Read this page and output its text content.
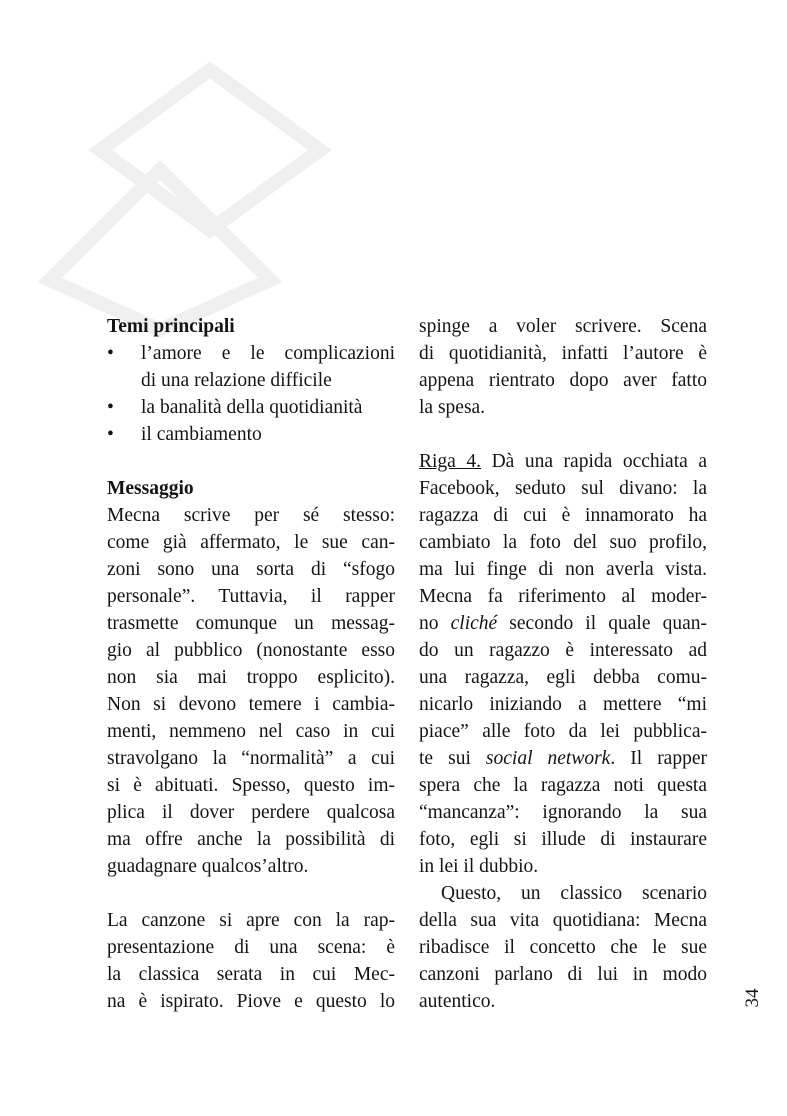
Temi principali
•	l’amore e le complicazioni
di una relazione difficile
•	la banalità della quotidianità
•	il cambiamento
Messaggio
Mecna scrive per sé stesso:
come già affermato, le sue can-
zoni sono una sorta di “sfogo
personale”. Tuttavia, il rapper
trasmette comunque un messag-
gio al pubblico (nonostante esso
non sia mai troppo esplicito).
Non si devono temere i cambia-
menti, nemmeno nel caso in cui
stravolgano la “normalità” a cui
si è abituati. Spesso, questo im-
plica il dover perdere qualcosa
ma offre anche la possibilità di
guadagnare qualcos’altro.
La canzone si apre con la rap-
presentazione di una scena: è
la classica serata in cui Mec-
na è ispirato. Piove e questo lo
spinge a voler scrivere. Scena
di quotidianità, infatti l’autore è
appena rientrato dopo aver fatto
la spesa.
Riga 4. Dà una rapida occhiata a
Facebook, seduto sul divano: la
ragazza di cui è innamorato ha
cambiato la foto del suo profilo,
ma lui finge di non averla vista.
Mecna fa riferimento al moder-
no cliché secondo il quale quan-
do un ragazzo è interessato ad
una ragazza, egli debba comu-
nicarlo iniziando a mettere “mi
piace” alle foto da lei pubblica-
te sui social network. Il rapper
spera che la ragazza noti questa
“mancanza”: ignorando la sua
foto, egli si illude di instaurare
in lei il dubbio.
Questo, un classico scenario
della sua vita quotidiana: Mecna
ribadisce il concetto che le sue
canzoni parlano di lui in modo
autentico.	34
